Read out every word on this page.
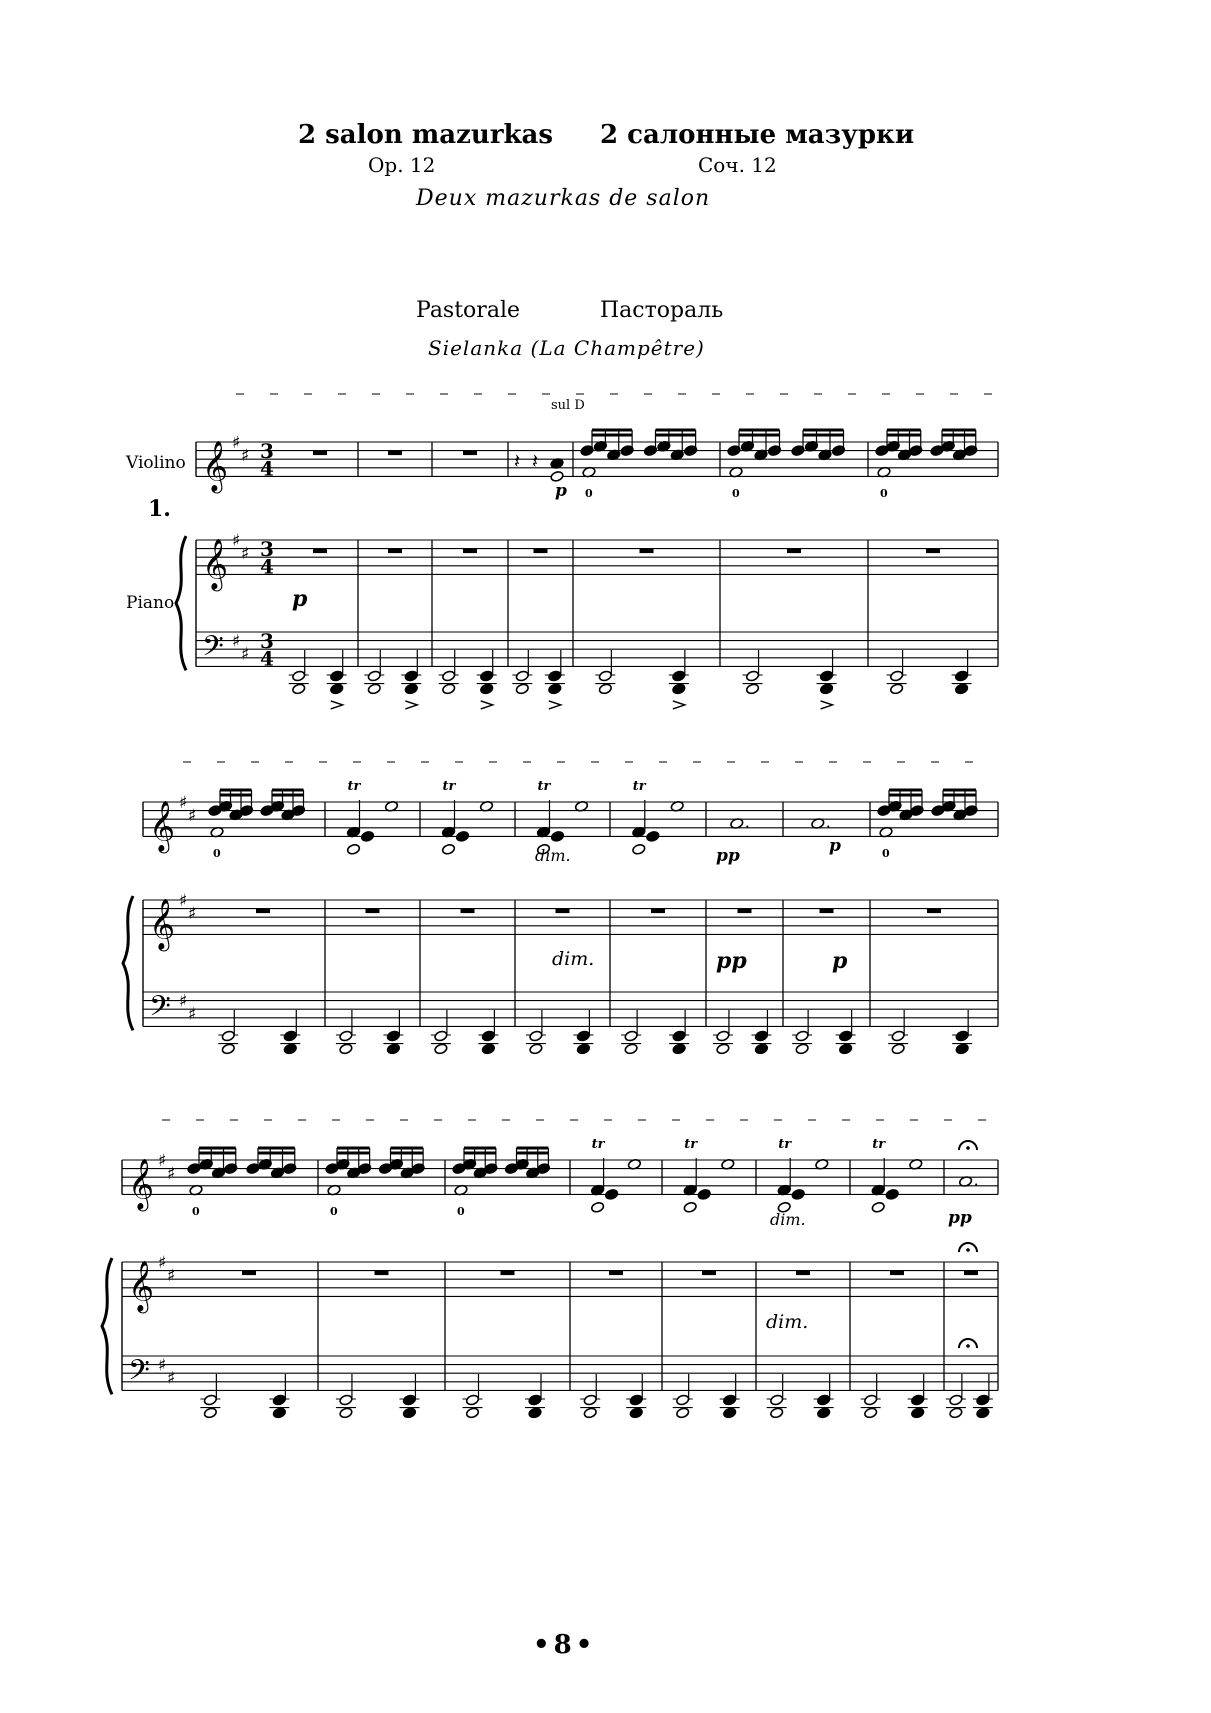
2 salon mazurkas 2 салонные мазурки
Op. 12	Соч. 12
Deux mazurkas de salon
Pastorale	Пастораль
Sielanka (La Champêtre)
𝄞
𝄞
𝄢
♯
♯
♯
♯
♯
♯
3
4
3
4
3
4
𝄽 𝄽
0	0	0
𝄞
𝄞
𝄢
♯
♯
♯
♯
♯
♯
0
tr	tr	tr	tr
.	.
0
𝄞
𝄞
𝄢
♯
♯
♯
♯
♯
♯
0	0	0
tr	tr	tr	tr
.
sul D
Violino
1.
Piano
p
p
dim.	pp	p
dim.	pp	p
dim.	pp
dim.
•8•
